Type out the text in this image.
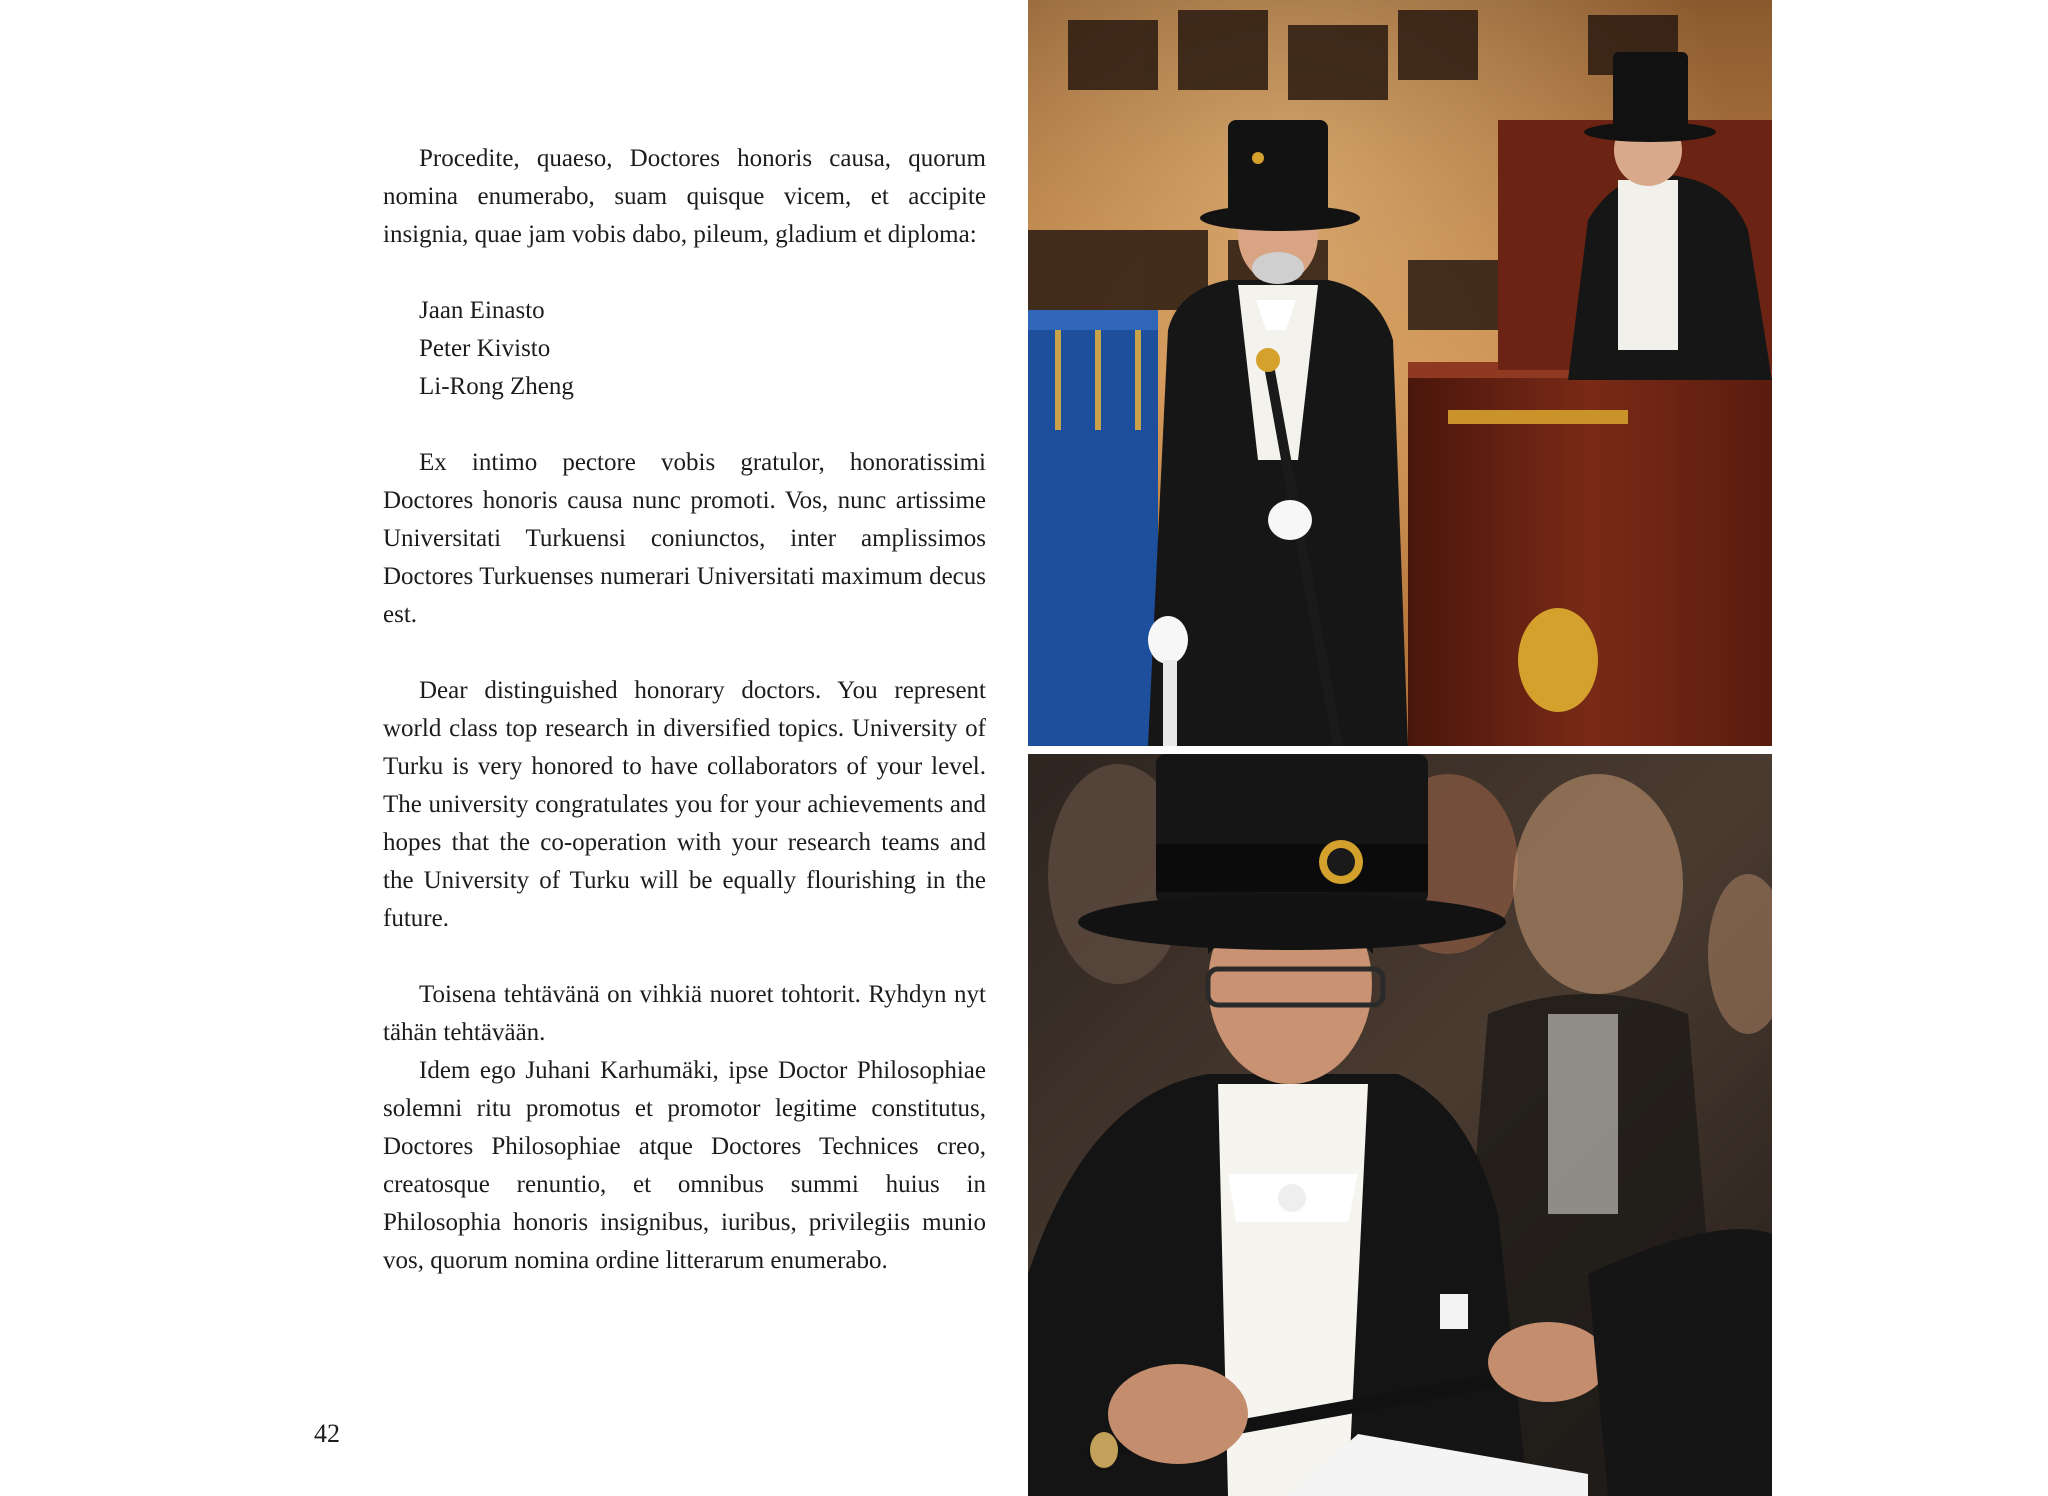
Procedite, quaeso, Doctores honoris causa, quorum nomina enumerabo, suam quisque vicem, et accipite insignia, quae jam vobis dabo, pileum, gladium et diploma:

Jaan Einasto
Peter Kivisto
Li-Rong Zheng

Ex intimo pectore vobis gratulor, honoratissimi Doctores honoris causa nunc promoti. Vos, nunc artissime Universitati Turkuensi coniunctos, inter amplissimos Doctores Turkuenses numerari Universitati maximum decus est.

Dear distinguished honorary doctors. You represent world class top research in diversified topics. University of Turku is very honored to have collaborators of your level. The university congratulates you for your achievements and hopes that the co-operation with your research teams and the University of Turku will be equally flourishing in the future.

Toisena tehtävänä on vihkiä nuoret tohtorit. Ryhdyn nyt tähän tehtävään.

Idem ego Juhani Karhumäki, ipse Doctor Philosophiae solemni ritu promotus et promotor legitime constitutus, Doctores Philosophiae atque Doctores Technices creo, creatosque renuntio, et omnibus summi huius in Philosophia honoris insignibus, iuribus, privilegiis munio vos, quorum nomina ordine litterarum enumerabo.

42
